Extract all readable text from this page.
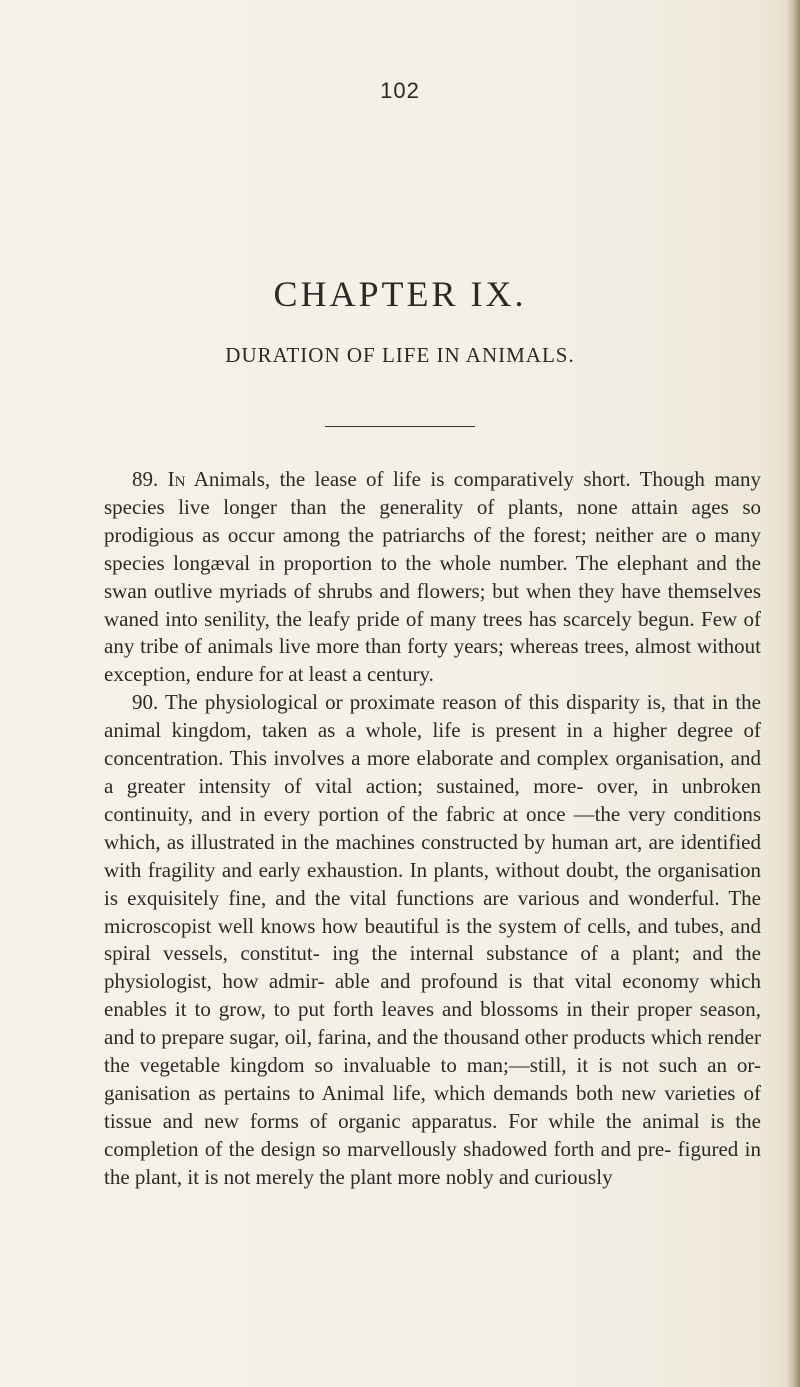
102
CHAPTER IX.
DURATION OF LIFE IN ANIMALS.

89. In Animals, the lease of life is comparatively short. Though many species live longer than the generality of plants, none attain ages so prodigious as occur among the patriarchs of the forest; neither are o many species longæval in proportion to the whole number. The elephant and the swan outlive myriads of shrubs and flowers; but when they have themselves waned into senility, the leafy pride of many trees has scarcely begun. Few of any tribe of animals live more than forty years; whereas trees, almost without exception, endure for at least a century.

90. The physiological or proximate reason of this disparity is, that in the animal kingdom, taken as a whole, life is present in a higher degree of concentration. This involves a more elaborate and complex organisation, and a greater intensity of vital action; sustained, more- over, in unbroken continuity, and in every portion of the fabric at once —the very conditions which, as illustrated in the machines constructed by human art, are identified with fragility and early exhaustion. In plants, without doubt, the organisation is exquisitely fine, and the vital functions are various and wonderful. The microscopist well knows how beautiful is the system of cells, and tubes, and spiral vessels, constitut- ing the internal substance of a plant; and the physiologist, how admir- able and profound is that vital economy which enables it to grow, to put forth leaves and blossoms in their proper season, and to prepare sugar, oil, farina, and the thousand other products which render the vegetable kingdom so invaluable to man;—still, it is not such an or- ganisation as pertains to Animal life, which demands both new varieties of tissue and new forms of organic apparatus. For while the animal is the completion of the design so marvellously shadowed forth and pre- figured in the plant, it is not merely the plant more nobly and curiously
